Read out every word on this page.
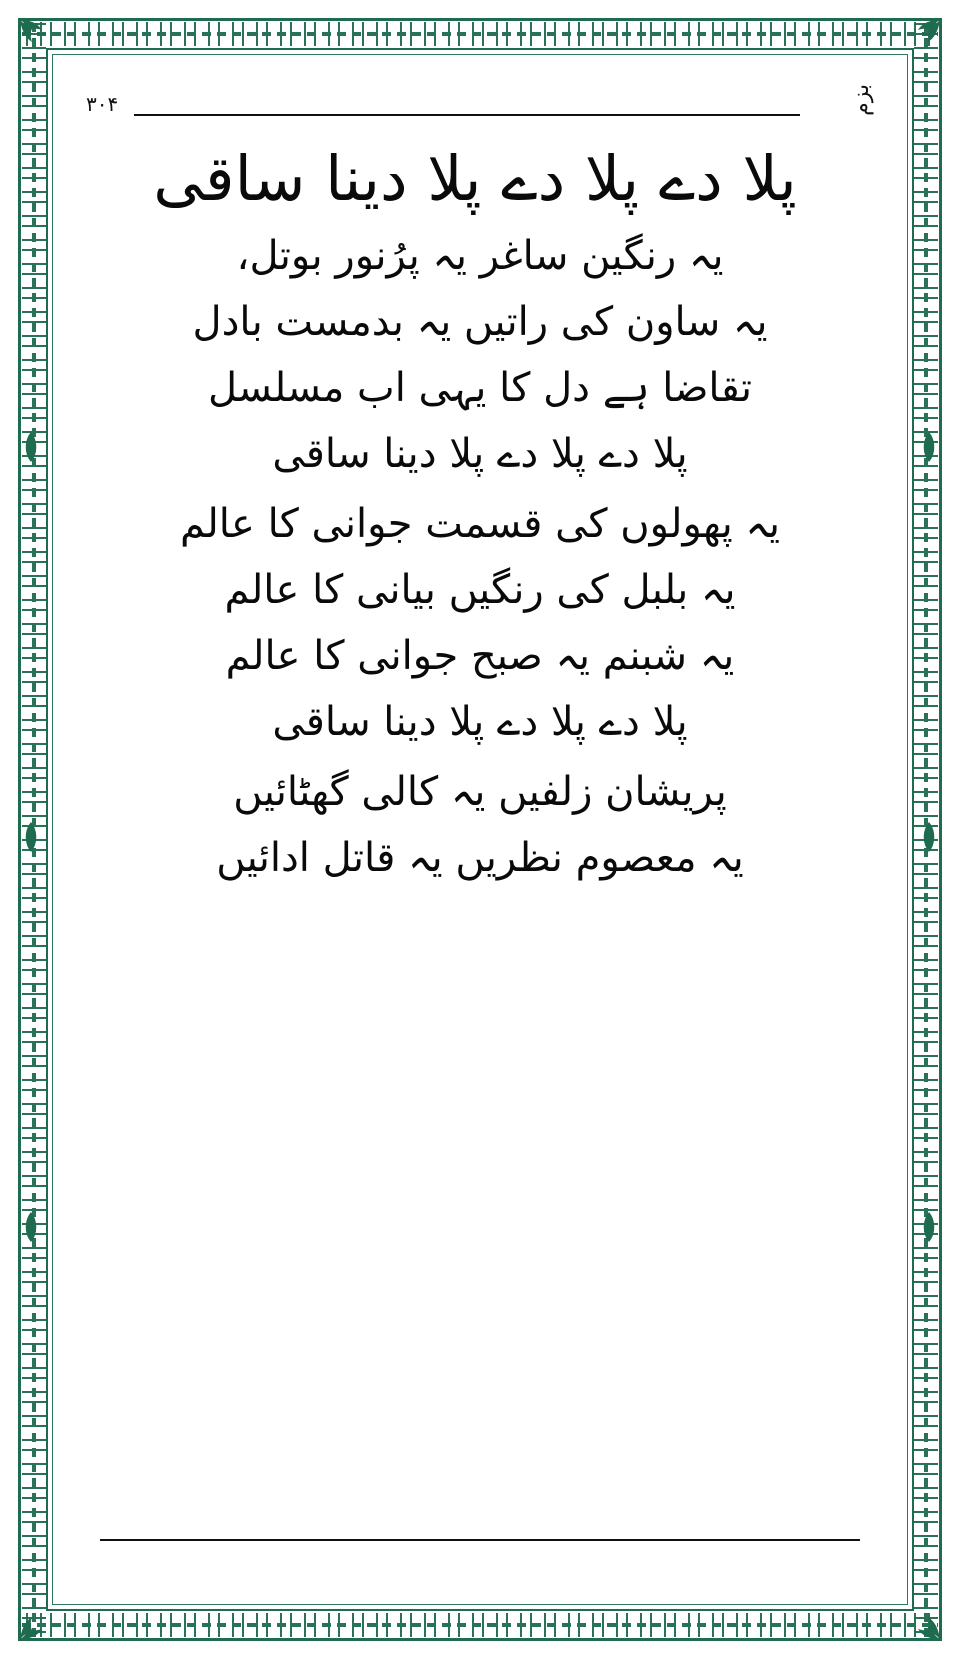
۳۰۴	بزم
پلا دے پلا دے پلا دینا ساقی
یہ رنگین ساغر یہ پرُنور بوتل،
یہ ساون کی راتیں یہ بدمست بادل
تقاضا ہے دل کا یہی اب مسلسل
پلا دے پلا دے پلا دینا ساقی
یہ پھولوں کی قسمت جوانی کا عالم
یہ بلبل کی رنگیں بیانی کا عالم
یہ شبنم یہ صبح جوانی کا عالم
پلا دے پلا دے پلا دینا ساقی
پریشان زلفیں یہ کالی گھٹائیں
یہ معصوم نظریں یہ قاتل ادائیں
